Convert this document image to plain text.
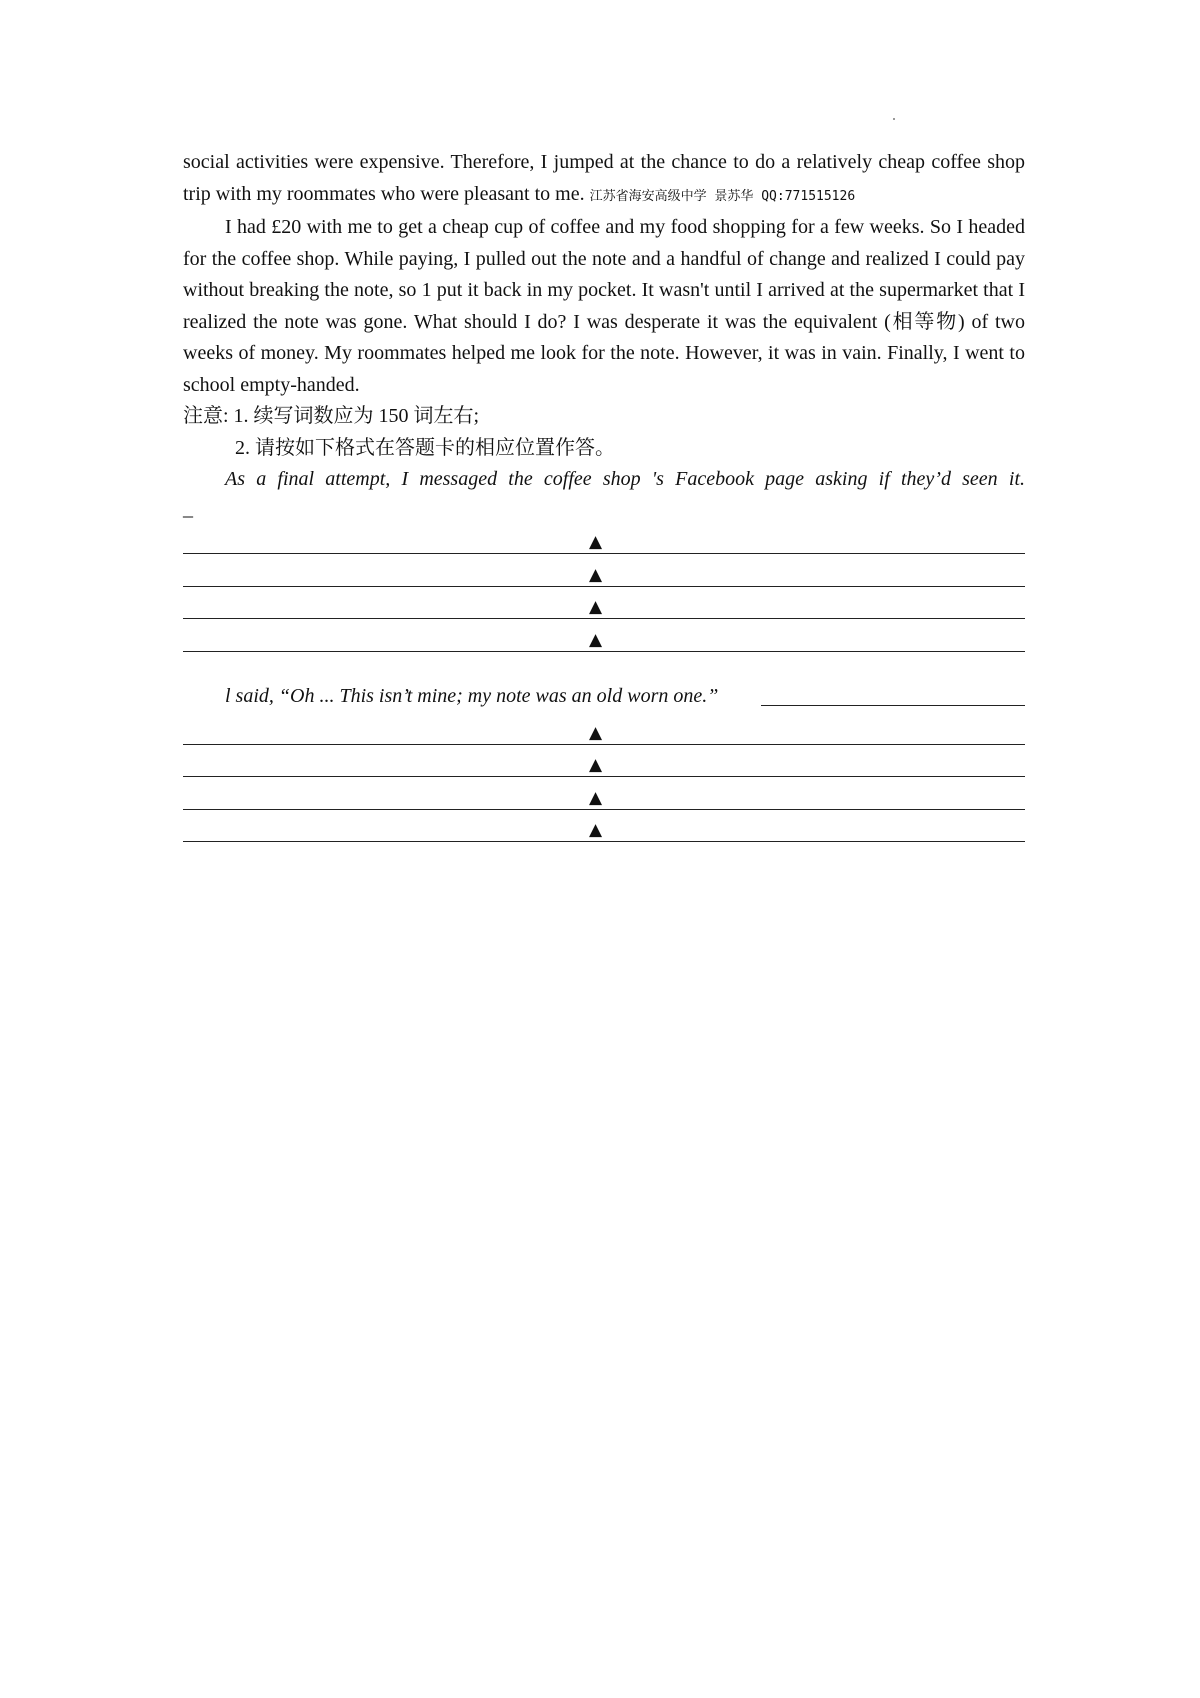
social activities were expensive. Therefore, I jumped at the chance to do a relatively cheap coffee shop trip with my roommates who were pleasant to me. 江苏省海安高级中学 景苏华 QQ:771515126

I had £20 with me to get a cheap cup of coffee and my food shopping for a few weeks. So I headed for the coffee shop. While paying, I pulled out the note and a handful of change and realized I could pay without breaking the note, so 1 put it back in my pocket. It wasn't until I arrived at the supermarket that I realized the note was gone. What should I do? I was desperate it was the equivalent (相等物) of two weeks of money. My roommates helped me look for the note. However, it was in vain. Finally, I went to school empty-handed.

注意: 1. 续写词数应为 150 词左右;

2. 请按如下格式在答题卡的相应位置作答。

As a final attempt, I messaged the coffee shop 's Facebook page asking if they’d seen it.

_

▲
▲
▲
▲
l said, “Oh ... This isn’t mine; my note was an old worn one.”
▲
▲
▲
▲
